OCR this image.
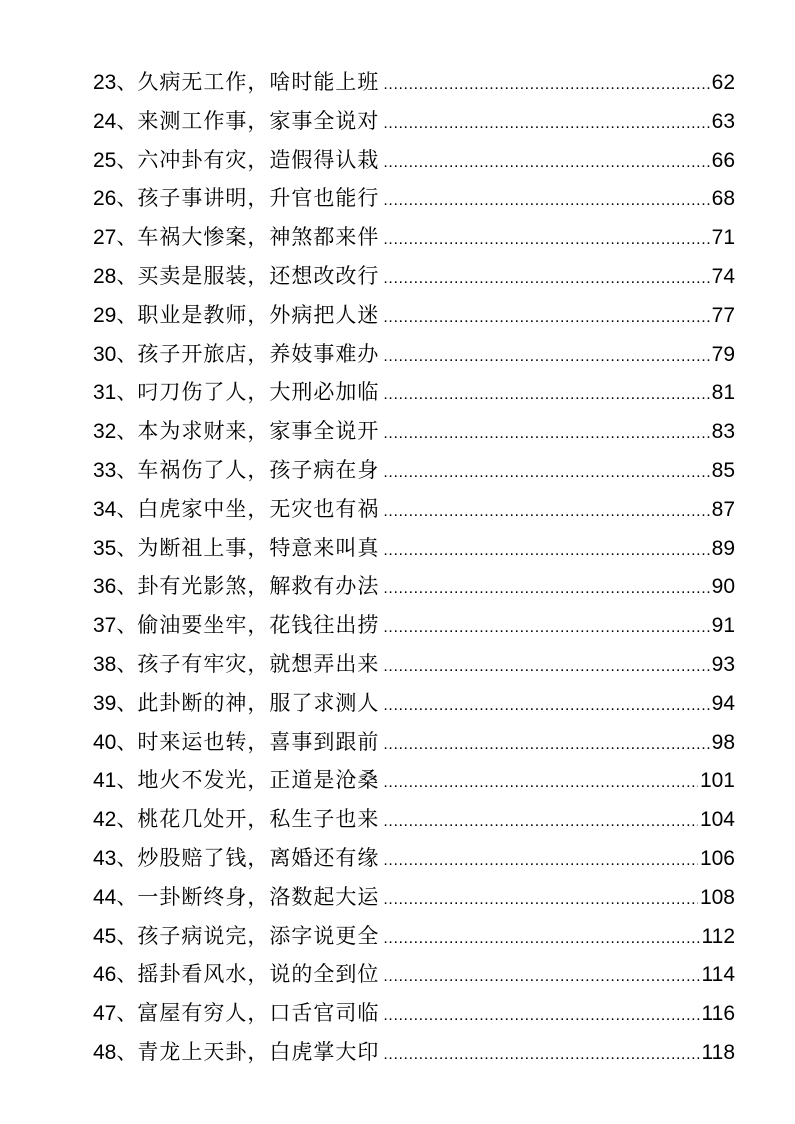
23 、 久病无工作，啥时能上班 .....	62
24 、 来测工作事，家事全说对 .....	63
25 、 六冲卦有灾，造假得认栽 .....	66
26 、 孩子事讲明，升官也能行 .....	68
27 、 车祸大惨案，神煞都来伴 .....	71
28 、 买卖是服装，还想改改行 .....	74
29 、 职业是教师，外病把人迷 .....	77
30 、 孩子开旅店，养妓事难办 .....	79
31 、 叼刀伤了人，大刑必加临 .....	81
32 、 本为求财来，家事全说开 .....	83
33 、 车祸伤了人，孩子病在身 .....	85
34 、 白虎家中坐，无灾也有祸 .....	87
35 、 为断祖上事，特意来叫真 .....	89
36 、 卦有光影煞，解救有办法 .....	90
37 、 偷油要坐牢，花钱往出捞 .....	91
38 、 孩子有牢灾，就想弄出来 .....	93
39 、 此卦断的神，服了求测人 .....	94
40 、 时来运也转，喜事到跟前 .....	98
41 、 地火不发光，正道是沧桑 .....	101
42 、 桃花几处开，私生子也来 .....	104
43 、 炒股赔了钱，离婚还有缘 .....	106
44 、 一卦断终身，洛数起大运 .....	108
45 、 孩子病说完，添字说更全 .....	112
46 、 摇卦看风水，说的全到位 .....	114
47 、 富屋有穷人，口舌官司临 .....	116
48 、 青龙上天卦，白虎掌大印 .....	118
